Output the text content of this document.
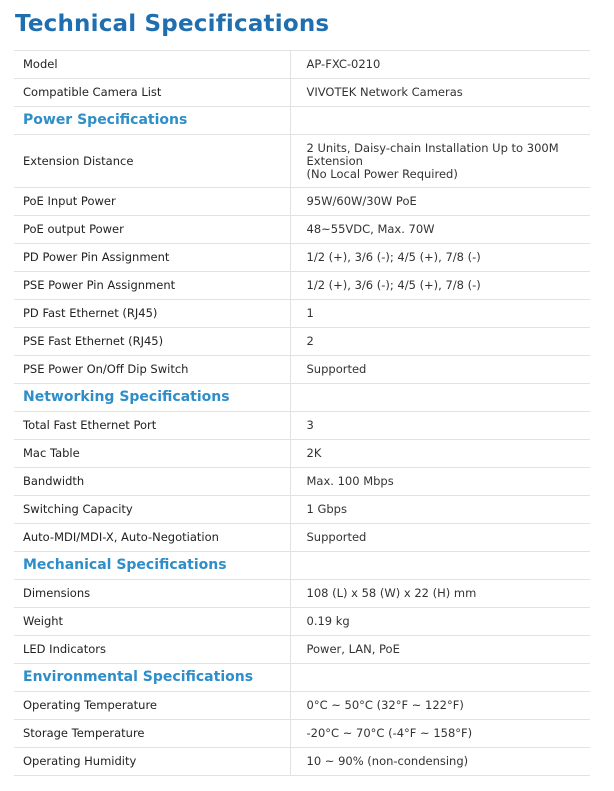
Technical Specifications
Model	AP-FXC-0210
Compatible Camera List	VIVOTEK Network Cameras
Power Specifications	
Extension Distance	2 Units, Daisy-chain Installation Up to 300M Extension
(No Local Power Required)
PoE Input Power	95W/60W/30W PoE
PoE output Power	48~55VDC, Max. 70W
PD Power Pin Assignment	1/2 (+), 3/6 (-); 4/5 (+), 7/8 (-)
PSE Power Pin Assignment	1/2 (+), 3/6 (-); 4/5 (+), 7/8 (-)
PD Fast Ethernet (RJ45)	1
PSE Fast Ethernet (RJ45)	2
PSE Power On/Off Dip Switch	Supported
Networking Specifications	
Total Fast Ethernet Port	3
Mac Table	2K
Bandwidth	Max. 100 Mbps
Switching Capacity	1 Gbps
Auto-MDI/MDI-X, Auto-Negotiation	Supported
Mechanical Specifications	
Dimensions	108 (L) x 58 (W) x 22 (H) mm
Weight	0.19 kg
LED Indicators	Power, LAN, PoE
Environmental Specifications	
Operating Temperature	0°C ~ 50°C (32°F ~ 122°F)
Storage Temperature	-20°C ~ 70°C (-4°F ~ 158°F)
Operating Humidity	10 ~ 90% (non-condensing)
